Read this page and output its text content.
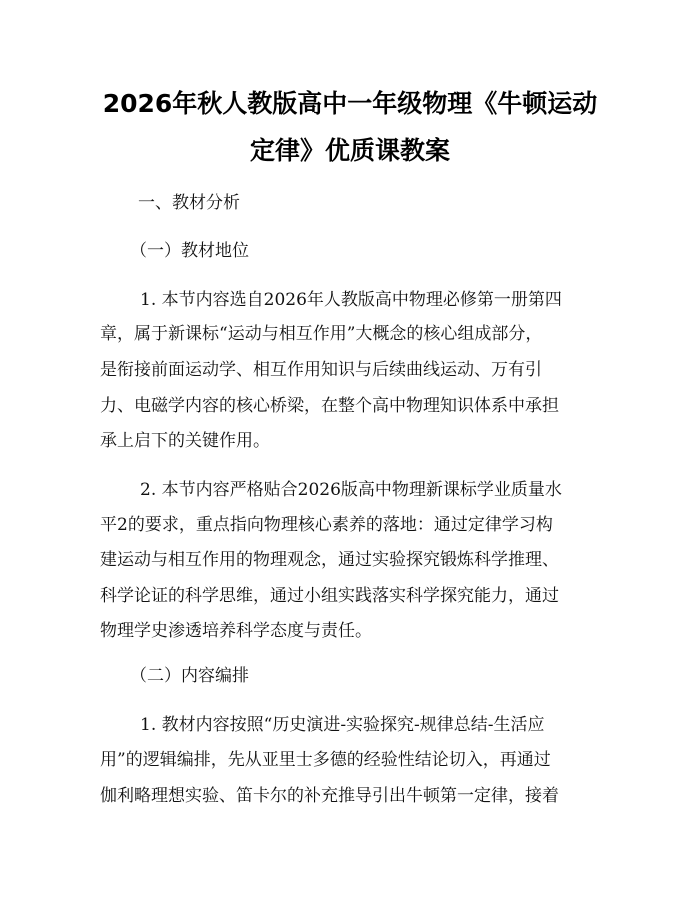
2026年秋人教版高中一年级物理《牛顿运动
定律》优质课教案
一、教材分析
（一）教材地位
1. 本节内容选自2026年人教版高中物理必修第一册第四
章，属于新课标“运动与相互作用”大概念的核心组成部分，
是衔接前面运动学、相互作用知识与后续曲线运动、万有引
力、电磁学内容的核心桥梁，在整个高中物理知识体系中承担
承上启下的关键作用。
2. 本节内容严格贴合2026版高中物理新课标学业质量水
平2的要求，重点指向物理核心素养的落地：通过定律学习构
建运动与相互作用的物理观念，通过实验探究锻炼科学推理、
科学论证的科学思维，通过小组实践落实科学探究能力，通过
物理学史渗透培养科学态度与责任。
（二）内容编排
1. 教材内容按照“历史演进-实验探究-规律总结-生活应
用”的逻辑编排，先从亚里士多德的经验性结论切入，再通过
伽利略理想实验、笛卡尔的补充推导引出牛顿第一定律，接着
